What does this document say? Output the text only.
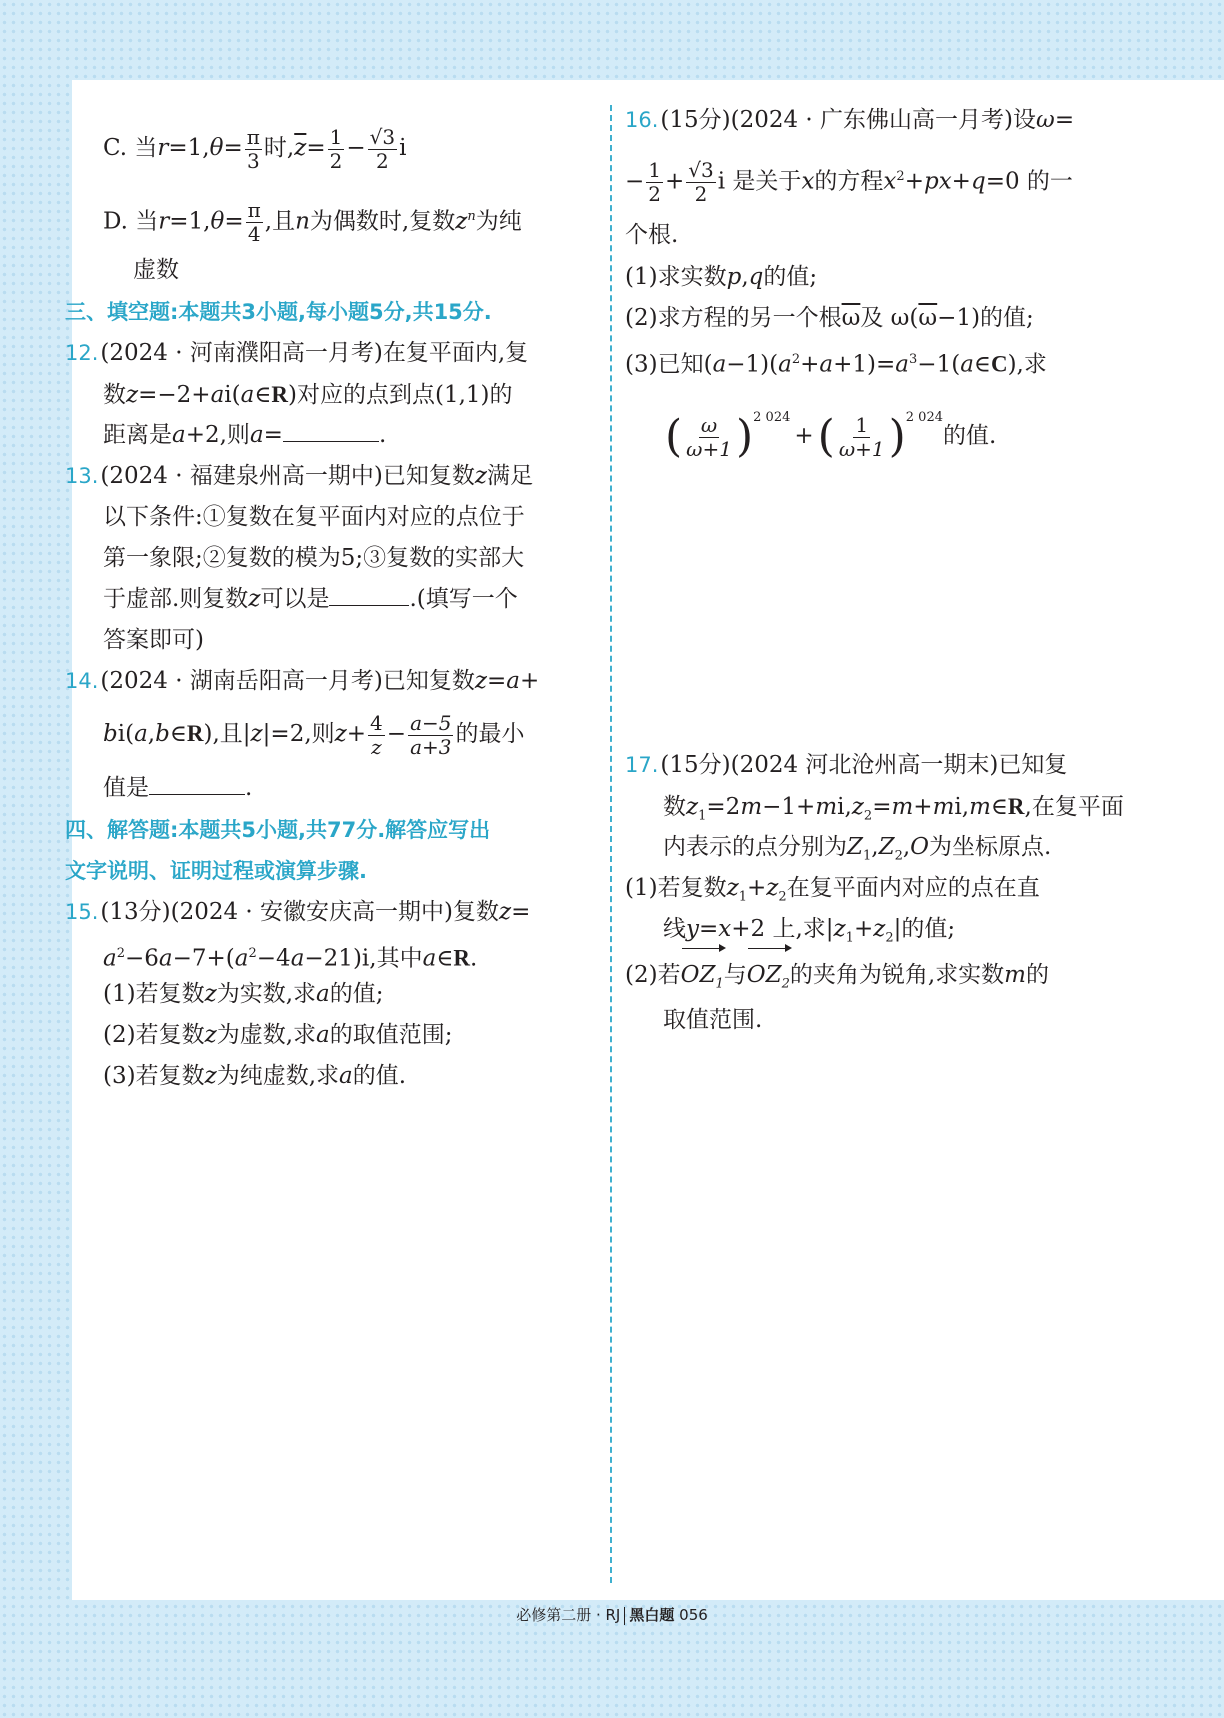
C. 当$r=1,\theta= \frac{\pi}{3}$ 时$,\overline{z}= \frac{1}{2} - \frac{√3}{2}$ i
D. 当$r=1,\theta= \frac{\pi}{4}$ ,且n为偶数时,复数$z^n$为纯
虚数
三、填空题:本题共3小题,每小题5分,共15分.
12.(2024 · 河南濮阳高一月考)在复平面内,复
数z=−2+ai(a∈R)对应的点到点(1,1)的
距离是a+2,则a=	.
13.(2024 · 福建泉州高一期中)已知复数z满足
以下条件:①复数在复平面内对应的点位于
第一象限;②复数的模为5;③复数的实部大
于虚部.则复数z可以是	.(填写一个
答案即可)
14.(2024 · 湖南岳阳高一月考)已知复数z=a+
bi(a,b∈R),且|z|=2,则$z+ \frac{4}{z} - \frac{a-5}{a+3}$ 的最小
值是	.
四、解答题:本题共5小题,共77分.解答应写出
文字说明、证明过程或演算步骤.
15.(13分)(2024 · 安徽安庆高一期中)复数z=
$a^2-6a-7+(a^2-4a-21)i$,其中a∈R.
(1)若复数z为实数,求a的值;
(2)若复数z为虚数,求a的取值范围;
(3)若复数z为纯虚数,求a的值.
16.(15分)(2024 · 广东佛山高一月考)设ω=
− $\frac{1}{2} + \frac{√3}{2}$ i 是关于x的方程$x^2+px+q=0$ 的一
个根.
(1)求实数p,q的值;
(2)求方程的另一个根$\overline{\omega}$及 $\omega(\overline{\omega}-1)$的值;
(3)已知$(a-1)(a^2+a+1)=a^3-1(a\in C)$,求
( $\frac{\omega}{\omega+1} )^{2 024}+( \frac{1}{\omega+1} )^{2 024}$的值.
17.(15分)(2024 河北沧州高一期末)已知复
数$z_1=2m-1+mi,z_2=m+mi,m\in R$,在复平面
内表示的点分别为$Z_1,Z_2,O$为坐标原点.
(1)若复数$z_1+z_2$在复平面内对应的点在直
线y=x+2 上,求$|z_1+z_2|$的值;
(2)若$OZ_1$与$OZ_2$的夹角为锐角,求实数m的
取值范围.
必修第二册 · RJ 黑白题 056
